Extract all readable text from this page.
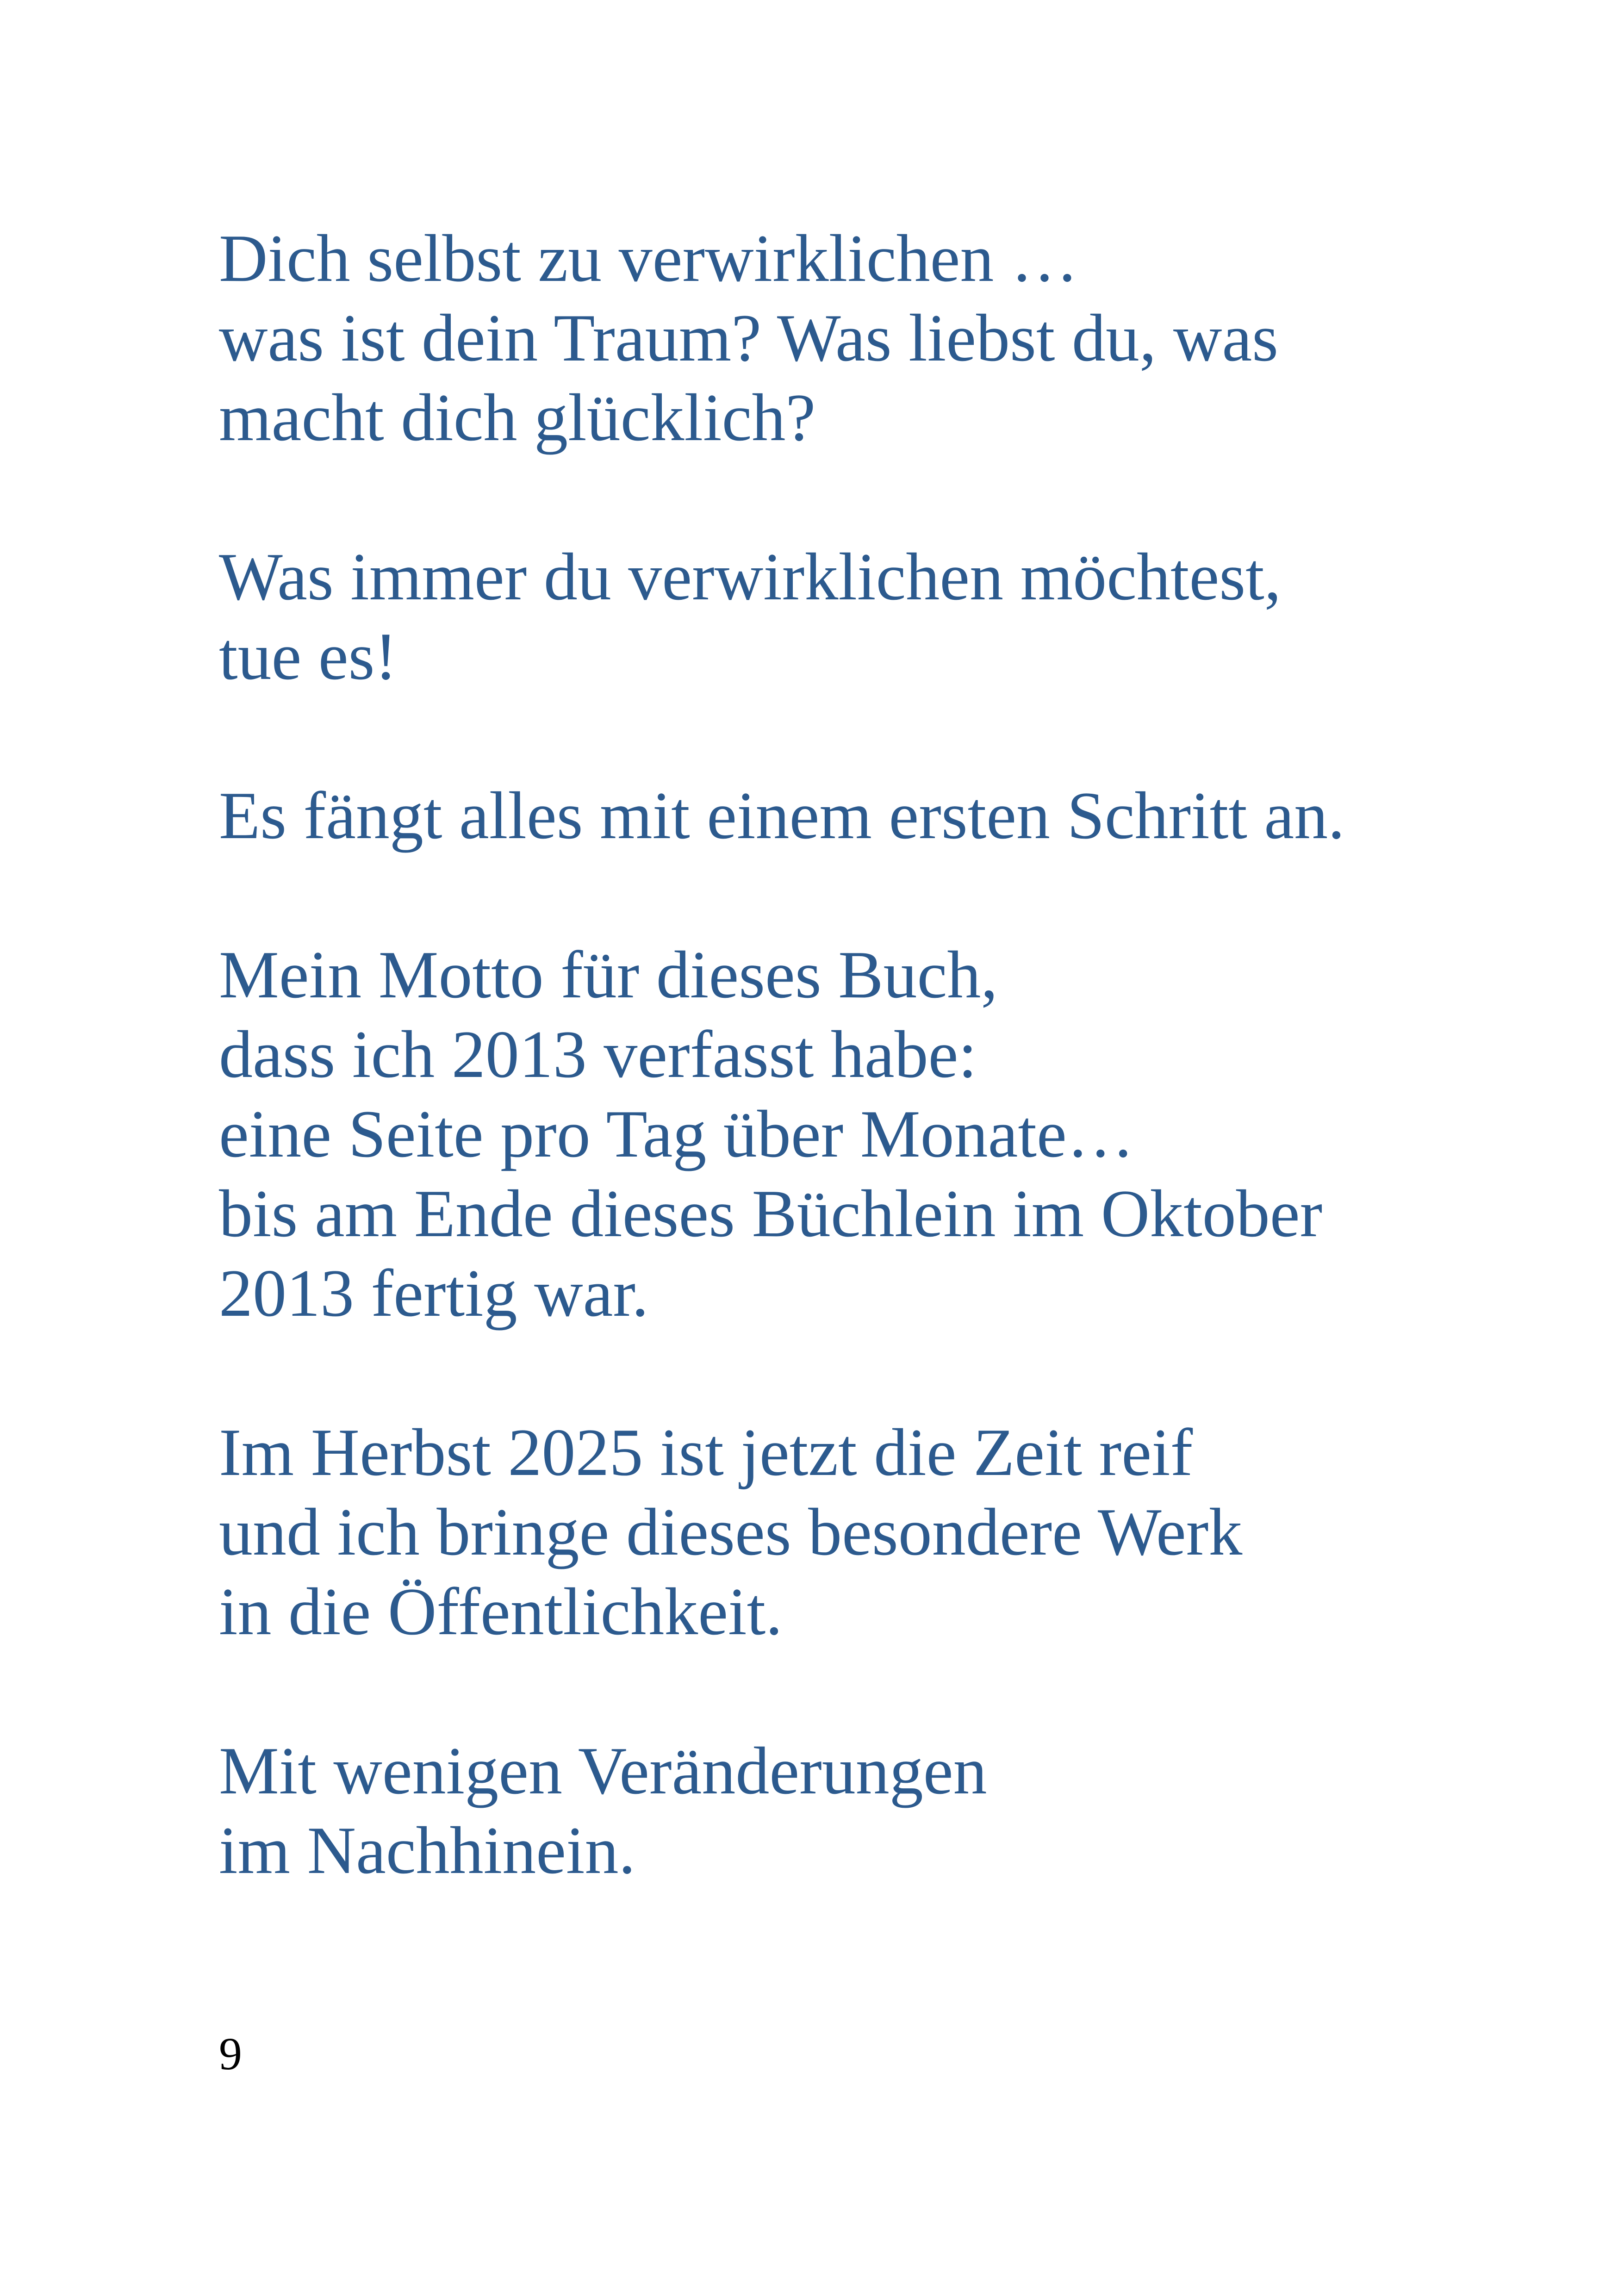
Dich selbst zu verwirklichen …
was ist dein Traum? Was liebst du, was
macht dich glücklich?

Was immer du verwirklichen möchtest,
tue es!

Es fängt alles mit einem ersten Schritt an.

Mein Motto für dieses Buch,
dass ich 2013 verfasst habe:
eine Seite pro Tag über Monate…
bis am Ende dieses Büchlein im Oktober
2013 fertig war.

Im Herbst 2025 ist jetzt die Zeit reif
und ich bringe dieses besondere Werk
in die Öffentlichkeit.

Mit wenigen Veränderungen
im Nachhinein.

9
